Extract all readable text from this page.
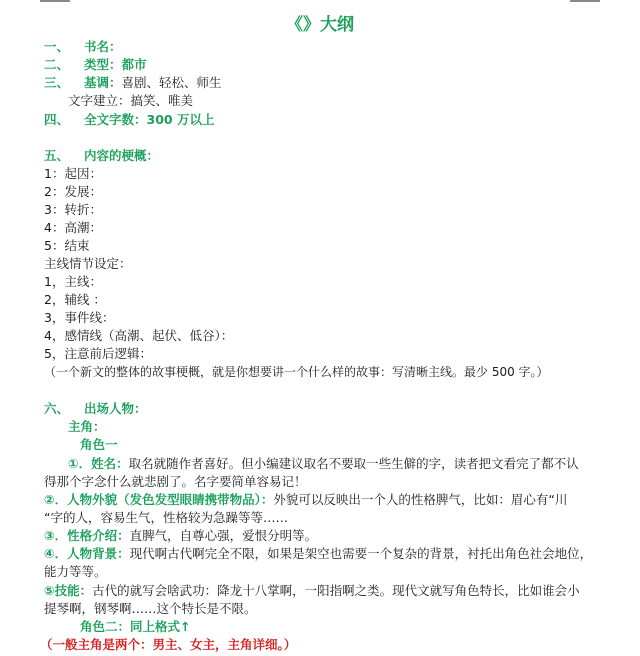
《》大纲
一、 书名：
二、 类型：都市
三、 基调：喜剧、轻松、师生
文字建立：搞笑、唯美
四、 全文字数：300 万以上
五、 内容的梗概：
1：起因：
2：发展：
3：转折：
4：高潮：
5：结束
主线情节设定：
1，主线：
2，辅线 ：
3，事件线：
4，感情线（高潮、起伏、低谷）：
5，注意前后逻辑：
（一个新文的整体的故事梗概，就是你想要讲一个什么样的故事：写清晰主线。最少 500 字。）
六、 出场人物：
主角：
角色一
①．姓名：取名就随作者喜好。但小编建议取名不要取一些生僻的字，读者把文看完了都不认
得那个字念什么就悲剧了。名字要简单容易记！
②．人物外貌（发色发型眼睛携带物品）：外貌可以反映出一个人的性格脾气，比如：眉心有“川
“字的人，容易生气，性格较为急躁等等……
③．性格介绍：直脾气，自尊心强，爱恨分明等。
④．人物背景：现代啊古代啊完全不限，如果是架空也需要一个复杂的背景，衬托出角色社会地位，
能力等等。
⑤技能：古代的就写会啥武功：降龙十八掌啊，一阳指啊之类。现代文就写角色特长，比如谁会小
提琴啊，钢琴啊……这个特长是不限。
角色二：同上格式↑
（一般主角是两个：男主、女主，主角详细。）
